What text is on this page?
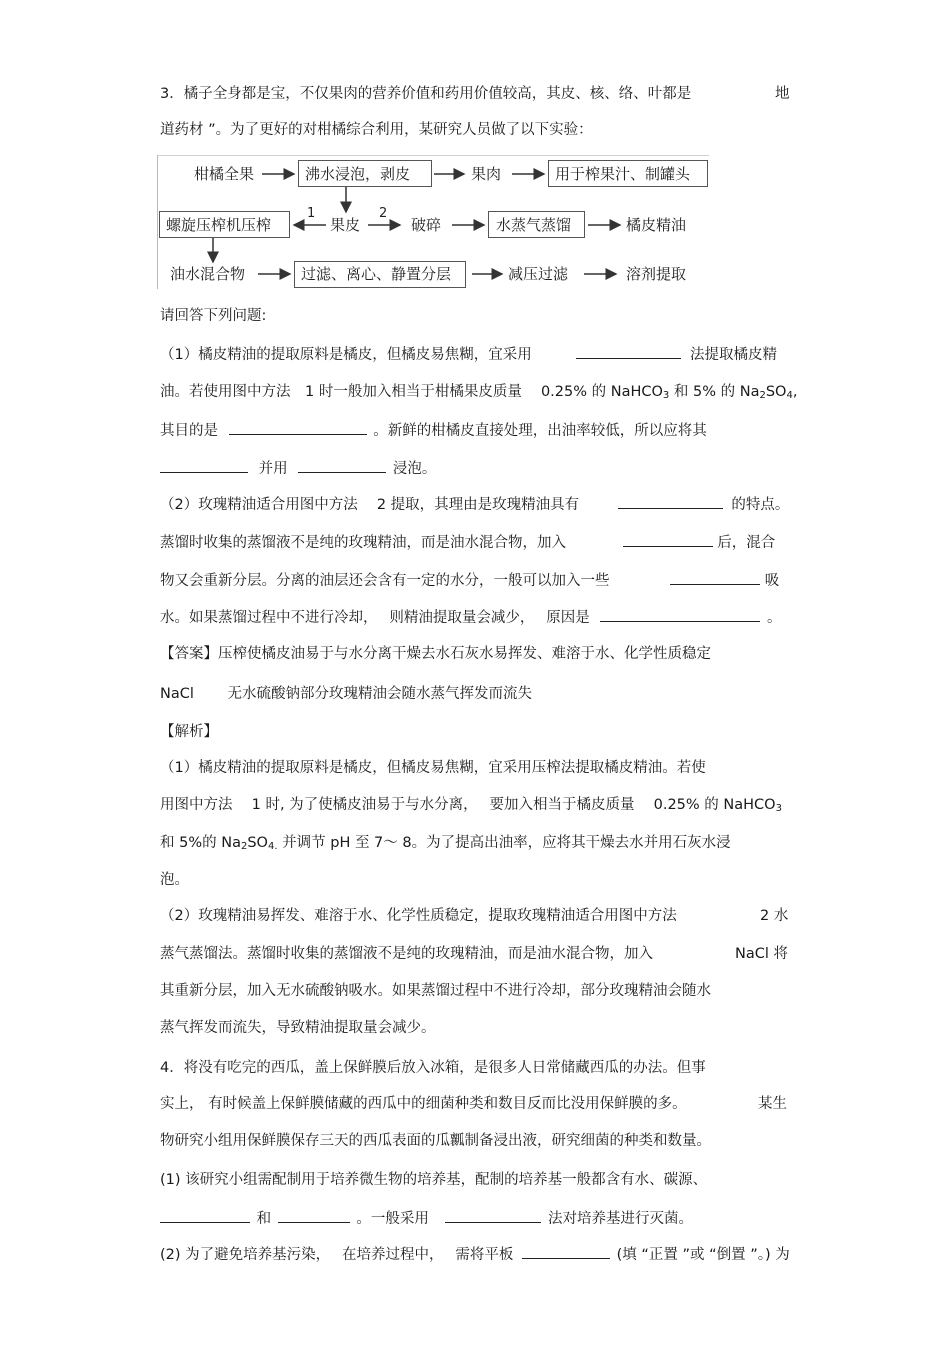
3．橘子全身都是宝，不仅果肉的营养价值和药用价值较高，其皮、核、络、叶都是	地
道药材 ”。为了更好的对柑橘综合利用，某研究人员做了以下实验：
柑橘全果	沸水浸泡，剥皮	果肉	用于榨果汁、制罐头
螺旋压榨机压榨	果皮	破碎	水蒸气蒸馏	橘皮精油
油水混合物	过滤、离心、静置分层	减压过滤	溶剂提取
1	2
请回答下列问题:
（1）橘皮精油的提取原料是橘皮，但橘皮易焦糊，宜采用	法提取橘皮精
油。若使用图中方法　1 时一般加入相当于柑橘果皮质量　 0.25% 的 NaHCO$_3$ 和 5% 的 $Na_2SO_4$,
其目的是	。新鲜的柑橘皮直接处理，出油率较低，所以应将其
并用	浸泡。
（2）玫瑰精油适合用图中方法　 2 提取，其理由是玫瑰精油具有	的特点。
蒸馏时收集的蒸馏液不是纯的玫瑰精油，而是油水混合物，加入	后，混合
物又会重新分层。分离的油层还会含有一定的水分，一般可以加入一些	吸
水。如果蒸馏过程中不进行冷却，　 则精油提取量会减少，　 原因是	。
【答案】压榨使橘皮油易于与水分离干燥去水石灰水易挥发、难溶于水、化学性质稳定
NaCl　　 无水硫酸钠部分玫瑰精油会随水蒸气挥发而流失
【解析】
（1）橘皮精油的提取原料是橘皮，但橘皮易焦糊，宜采用压榨法提取橘皮精油。若使
用图中方法　 1 时, 为了使橘皮油易于与水分离，　 要加入相当于橘皮质量　 0.25% 的 NaHCO$_3$
和 5%的 $Na_2SO_{4.}$ 并调节 pH 至 7～ 8。为了提高出油率，应将其干燥去水并用石灰水浸
泡。
（2）玫瑰精油易挥发、难溶于水、化学性质稳定，提取玫瑰精油适合用图中方法	2 水
蒸气蒸馏法。蒸馏时收集的蒸馏液不是纯的玫瑰精油，而是油水混合物，加入	NaCl 将
其重新分层，加入无水硫酸钠吸水。如果蒸馏过程中不进行冷却，部分玫瑰精油会随水
蒸气挥发而流失，导致精油提取量会减少。
4．将没有吃完的西瓜，盖上保鲜膜后放入冰箱，是很多人日常储藏西瓜的办法。但事
实上， 有时候盖上保鲜膜储藏的西瓜中的细菌种类和数目反而比没用保鲜膜的多。	某生
物研究小组用保鲜膜保存三天的西瓜表面的瓜瓤制备浸出液，研究细菌的种类和数量。
(1) 该研究小组需配制用于培养微生物的培养基，配制的培养基一般都含有水、碳源、
和	。一般采用	法对培养基进行灭菌。
(2) 为了避免培养基污染，　 在培养过程中，　 需将平板	(填 “正置 ”或 “倒置 ”。) 为
